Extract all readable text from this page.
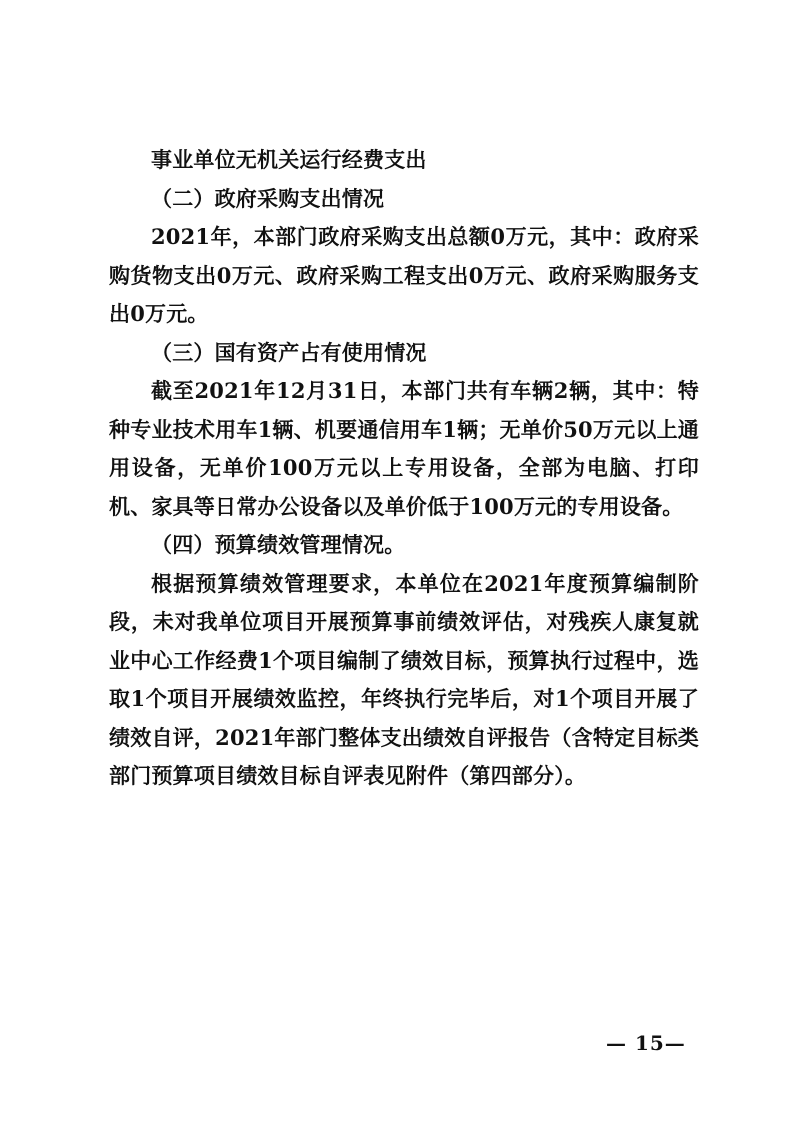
事业单位无机关运行经费支出

（二）政府采购支出情况

2021年，本部门政府采购支出总额0万元，其中：政府采购货物支出0万元、政府采购工程支出0万元、政府采购服务支出0万元。

（三）国有资产占有使用情况

截至2021年12月31日，本部门共有车辆2辆，其中：特种专业技术用车1辆、机要通信用车1辆；无单价50万元以上通用设备，无单价100万元以上专用设备，全部为电脑、打印机、家具等日常办公设备以及单价低于100万元的专用设备。

（四）预算绩效管理情况。

根据预算绩效管理要求，本单位在2021年度预算编制阶段，未对我单位项目开展预算事前绩效评估，对残疾人康复就业中心工作经费1个项目编制了绩效目标，预算执行过程中，选取1个项目开展绩效监控，年终执行完毕后，对1个项目开展了绩效自评，2021年部门整体支出绩效自评报告（含特定目标类部门预算项目绩效目标自评表见附件（第四部分）。

— 15—
